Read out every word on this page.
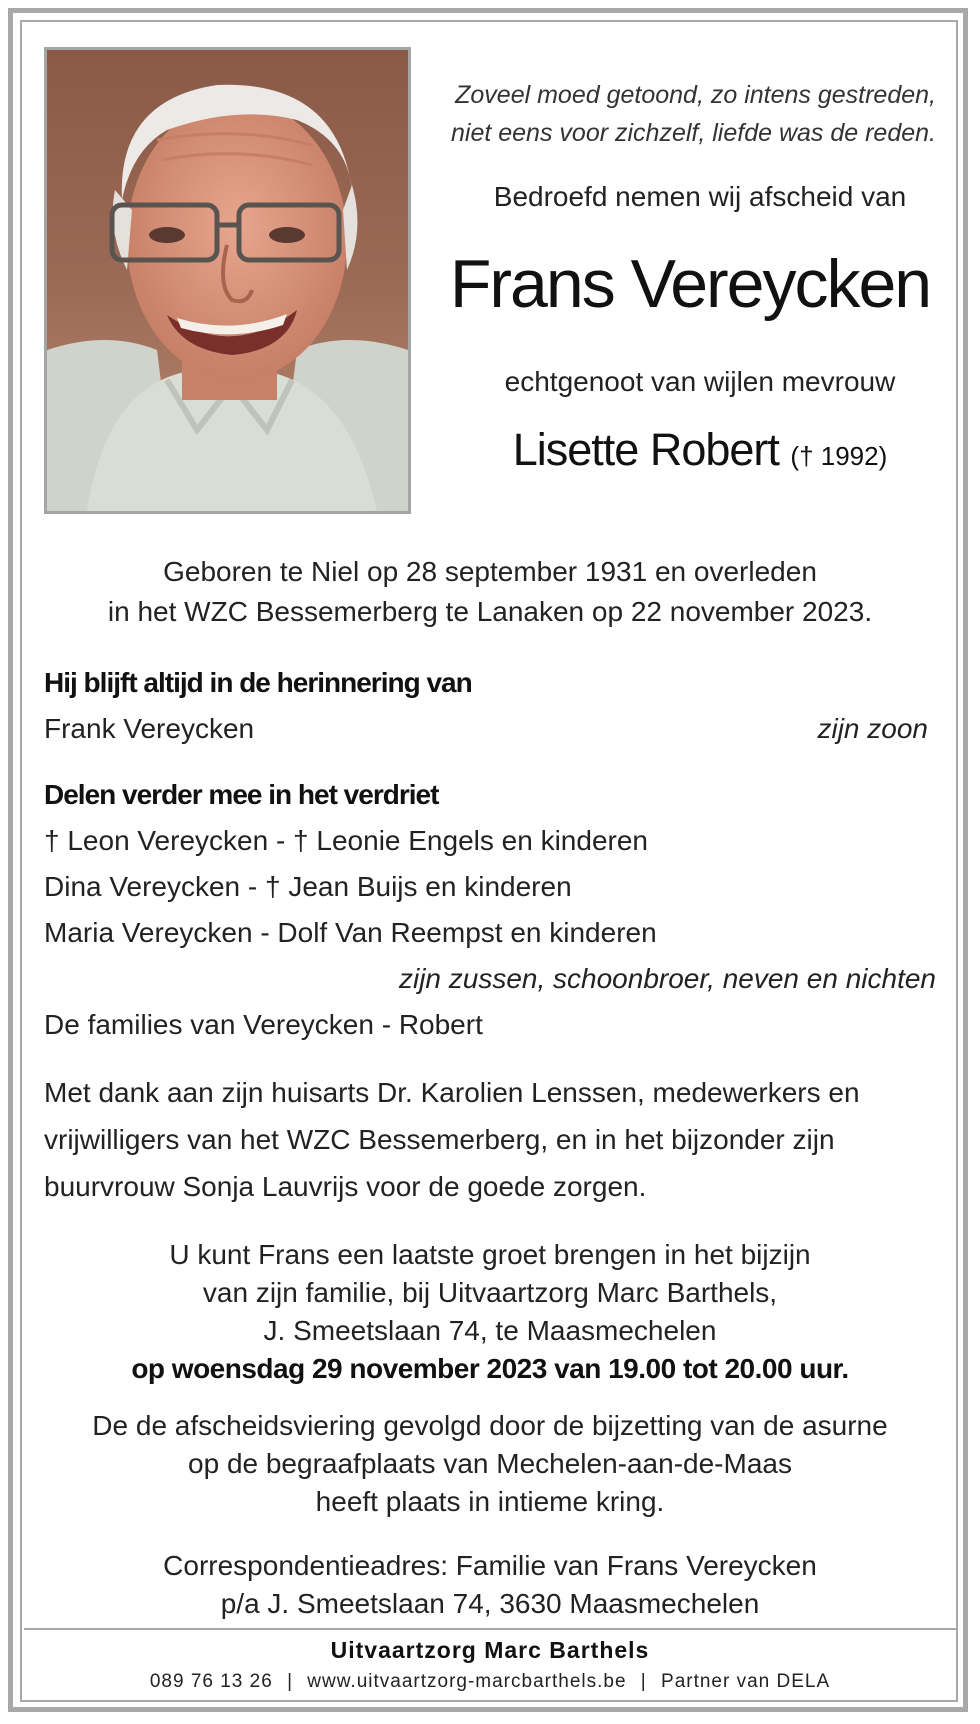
Zoveel moed getoond, zo intens gestreden,
niet eens voor zichzelf, liefde was de reden.
Bedroefd nemen wij afscheid van
Frans Vereycken
echtgenoot van wijlen mevrouw
Lisette Robert († 1992)
Geboren te Niel op 28 september 1931 en overleden
in het WZC Bessemerberg te Lanaken op 22 november 2023.
Hij blijft altijd in de herinnering van
Frank Vereycken	zijn zoon
Delen verder mee in het verdriet
† Leon Vereycken - † Leonie Engels en kinderen
Dina Vereycken - † Jean Buijs en kinderen
Maria Vereycken - Dolf Van Reempst en kinderen
zijn zussen, schoonbroer, neven en nichten
De families van Vereycken - Robert
Met dank aan zijn huisarts Dr. Karolien Lenssen, medewerkers en
vrijwilligers van het WZC Bessemerberg, en in het bijzonder zijn
buurvrouw Sonja Lauvrijs voor de goede zorgen.
U kunt Frans een laatste groet brengen in het bijzijn
van zijn familie, bij Uitvaartzorg Marc Barthels,
J. Smeetslaan 74, te Maasmechelen
op woensdag 29 november 2023 van 19.00 tot 20.00 uur.
De de afscheidsviering gevolgd door de bijzetting van de asurne
op de begraafplaats van Mechelen-aan-de-Maas
heeft plaats in intieme kring.
Correspondentieadres: Familie van Frans Vereycken
p/a J. Smeetslaan 74, 3630 Maasmechelen
Uitvaartzorg Marc Barthels
089 76 13 26 | www.uitvaartzorg-marcbarthels.be | Partner van DELA
